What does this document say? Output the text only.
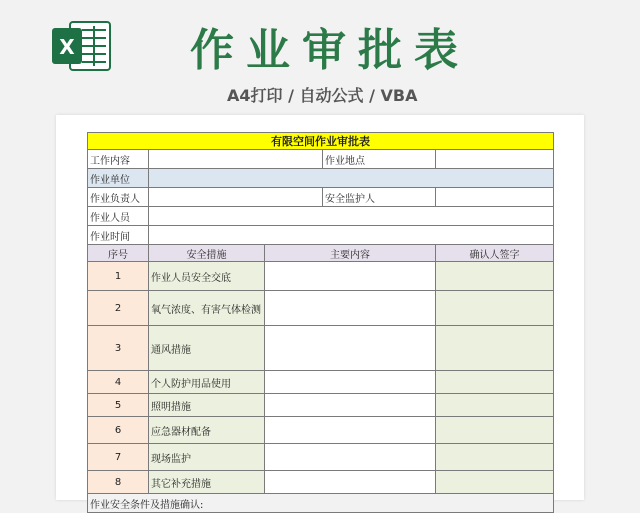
X	作业审批表
A4打印 / 自动公式 / VBA
有限空间作业审批表				
工作内容			作业地点	
作业单位				
作业负责人			安全监护人	
作业人员				
作业时间				
序号	安全措施	主要内容		确认人签字
1	作业人员安全交底			
2	氧气浓度、有害气体检测			
3	通风措施			
4	个人防护用品使用			
5	照明措施			
6	应急器材配备			
7	现场监护			
8	其它补充措施			
作业安全条件及措施确认:				
